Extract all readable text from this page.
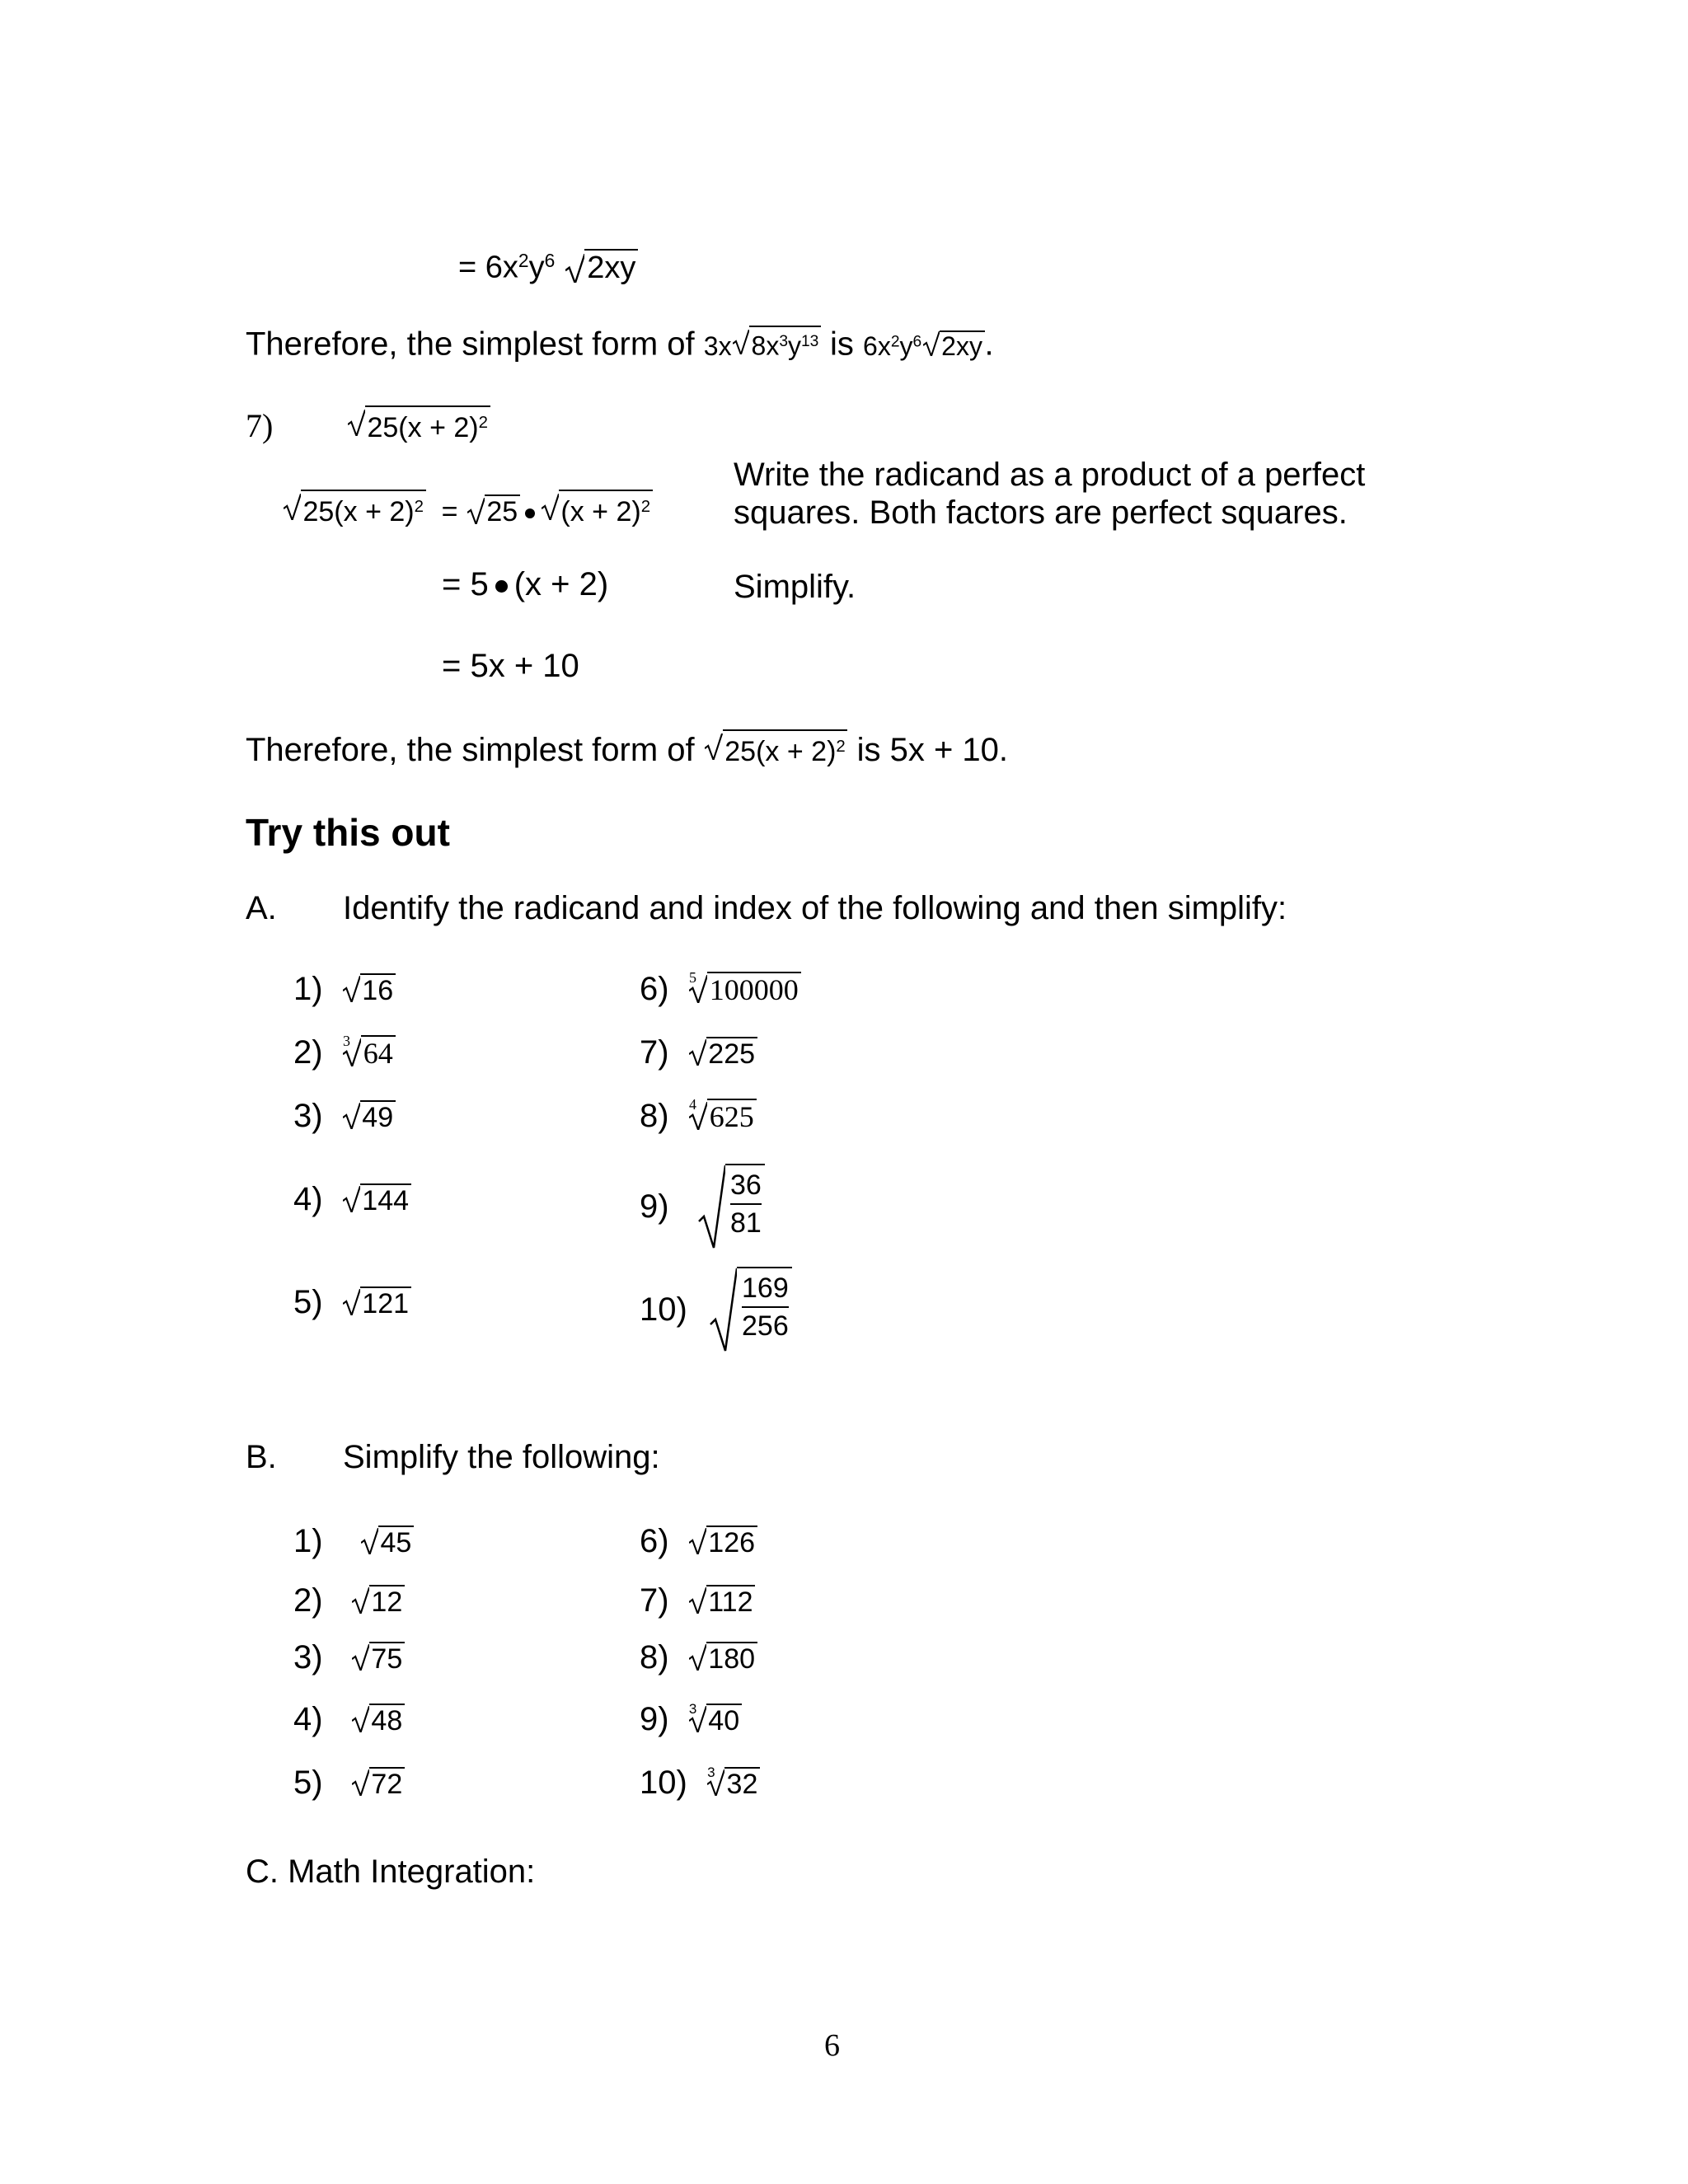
= $6x^2y^6$ 2xy
Therefore, the simplest form of 3x $8x^3y^{13}$ is $6x^2y^6$ 2xy.
7)	$25(x + 2)^2$
$25(x + 2)^2$  =
25 $(x + 2)^2$
Write the radicand as a product of a perfect
squares. Both factors are perfect squares.
= 5 (x + 2)	Simplify.
= 5x + 10
Therefore, the simplest form of $25(x + 2)^2$ is 5x + 10.
Try this out
A. Identify the radicand and index of the following and then simplify:
1) 16
2) 3 64
3) 49
4) 144
5) 121
6) 5 100000
7) 225
8) 4 625
$9) \frac{36}{81}$
$10) \frac{169}{256}$
B. Simplify the following:
1) 45
2) 12
3) 75
4) 48
5) 72
6) 126
7) 112
8) 180
9) 3 40
10) 3 32
C. Math Integration:
6
